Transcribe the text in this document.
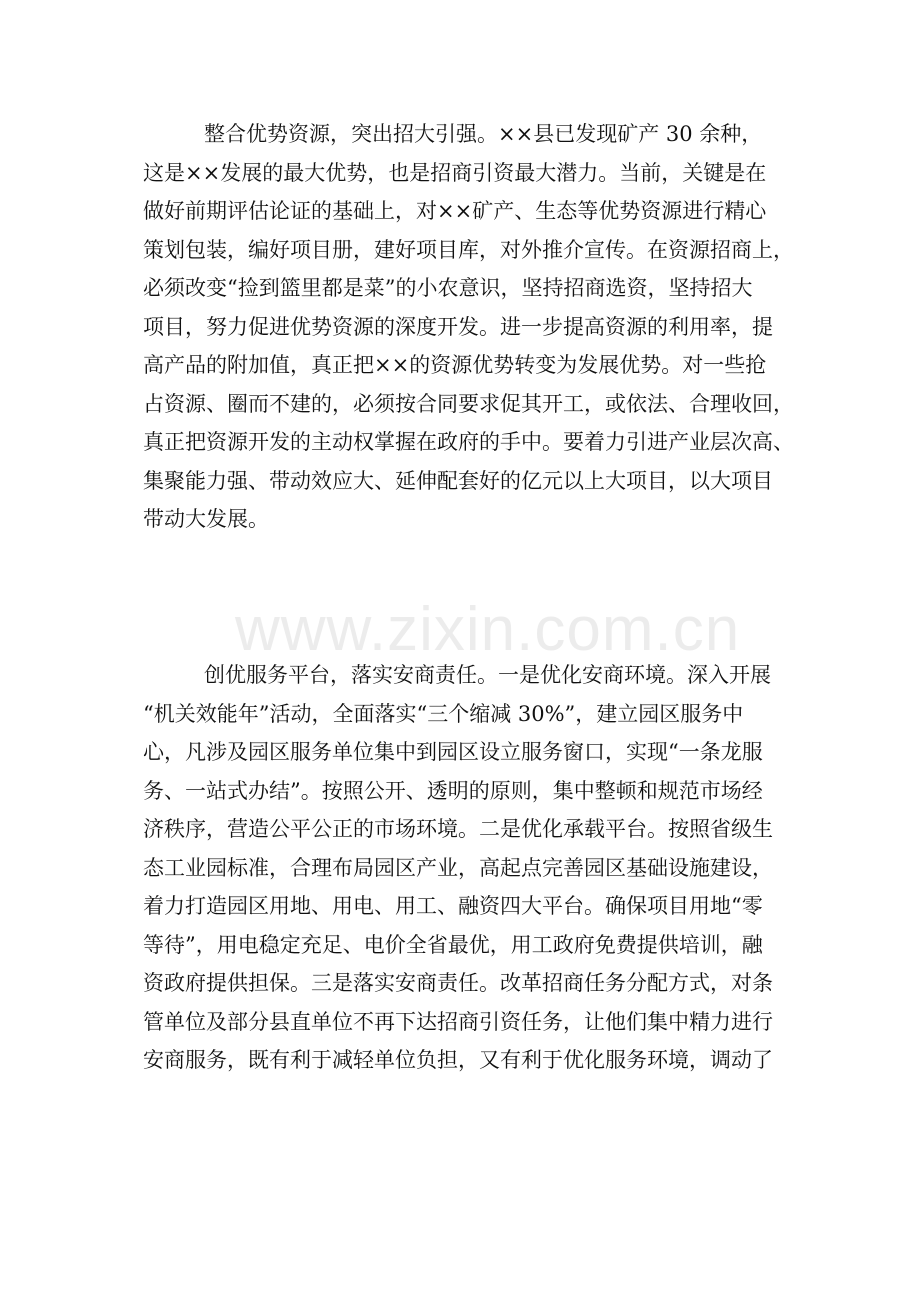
整合优势资源，突出招大引强。××县已发现矿产 30 余种，
这是××发展的最大优势，也是招商引资最大潜力。当前，关键是在
做好前期评估论证的基础上，对××矿产、生态等优势资源进行精心
策划包装，编好项目册，建好项目库，对外推介宣传。在资源招商上，
必须改变“捡到篮里都是菜”的小农意识，坚持招商选资，坚持招大
项目，努力促进优势资源的深度开发。进一步提高资源的利用率，提
高产品的附加值，真正把××的资源优势转变为发展优势。对一些抢
占资源、圈而不建的，必须按合同要求促其开工，或依法、合理收回，
真正把资源开发的主动权掌握在政府的手中。要着力引进产业层次高、
集聚能力强、带动效应大、延伸配套好的亿元以上大项目，以大项目
带动大发展。
www.zixin.com.cn
创优服务平台，落实安商责任。一是优化安商环境。深入开展
“机关效能年”活动，全面落实“三个缩减 30%”，建立园区服务中
心，凡涉及园区服务单位集中到园区设立服务窗口，实现“一条龙服
务、一站式办结”。按照公开、透明的原则，集中整顿和规范市场经
济秩序，营造公平公正的市场环境。二是优化承载平台。按照省级生
态工业园标准，合理布局园区产业，高起点完善园区基础设施建设，
着力打造园区用地、用电、用工、融资四大平台。确保项目用地“零
等待”，用电稳定充足、电价全省最优，用工政府免费提供培训，融
资政府提供担保。三是落实安商责任。改革招商任务分配方式，对条
管单位及部分县直单位不再下达招商引资任务，让他们集中精力进行
安商服务，既有利于减轻单位负担，又有利于优化服务环境，调动了
